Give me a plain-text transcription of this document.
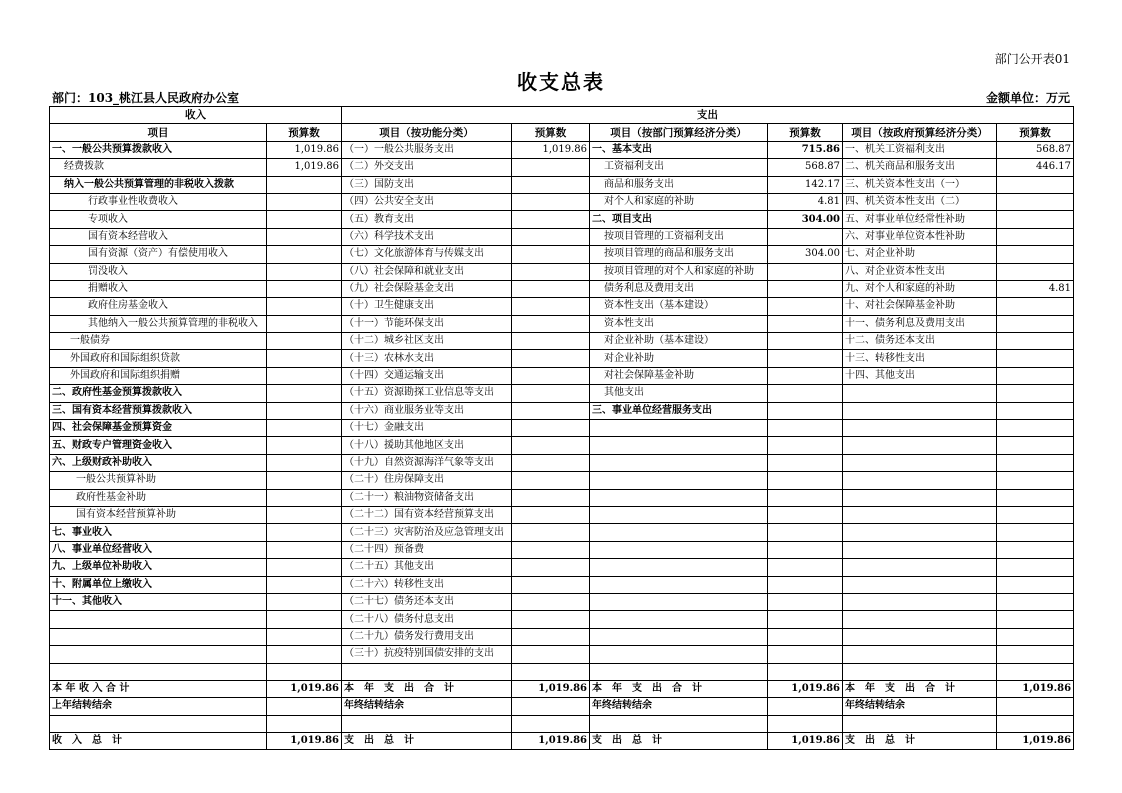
部门公开表01
收支总表
部门：103_桃江县人民政府办公室	金额单位：万元
收入		支出					
项目	预算数	项目（按功能分类）	预算数	项目（按部门预算经济分类）	预算数	项目（按政府预算经济分类）	预算数
一、一般公共预算拨款收入	1,019.86	（一）一般公共服务支出	1,019.86	一、基本支出	715.86	一、机关工资福利支出	568.87
经费拨款	1,019.86	（二）外交支出		工资福利支出	568.87	二、机关商品和服务支出	446.17
纳入一般公共预算管理的非税收入拨款		（三）国防支出		商品和服务支出	142.17	三、机关资本性支出（一）	
行政事业性收费收入		（四）公共安全支出		对个人和家庭的补助	4.81	四、机关资本性支出（二）	
专项收入		（五）教育支出		二、项目支出	304.00	五、对事业单位经常性补助	
国有资本经营收入		（六）科学技术支出		按项目管理的工资福利支出		六、对事业单位资本性补助	
国有资源（资产）有偿使用收入		（七）文化旅游体育与传媒支出		按项目管理的商品和服务支出	304.00	七、对企业补助	
罚没收入		（八）社会保障和就业支出		按项目管理的对个人和家庭的补助		八、对企业资本性支出	
捐赠收入		（九）社会保险基金支出		债务利息及费用支出		九、对个人和家庭的补助	4.81
政府住房基金收入		（十）卫生健康支出		资本性支出（基本建设）		十、对社会保障基金补助	
其他纳入一般公共预算管理的非税收入		（十一）节能环保支出		资本性支出		十一、债务利息及费用支出	
一般债券		（十二）城乡社区支出		对企业补助（基本建设）		十二、债务还本支出	
外国政府和国际组织贷款		（十三）农林水支出		对企业补助		十三、转移性支出	
外国政府和国际组织捐赠		（十四）交通运输支出		对社会保障基金补助		十四、其他支出	
二、政府性基金预算拨款收入		（十五）资源勘探工业信息等支出		其他支出			
三、国有资本经营预算拨款收入		（十六）商业服务业等支出		三、事业单位经营服务支出			
四、社会保障基金预算资金		（十七）金融支出					
五、财政专户管理资金收入		（十八）援助其他地区支出					
六、上级财政补助收入		（十九）自然资源海洋气象等支出					
一般公共预算补助		（二十）住房保障支出					
政府性基金补助		（二十一）粮油物资储备支出					
国有资本经营预算补助		（二十二）国有资本经营预算支出					
七、事业收入		（二十三）灾害防治及应急管理支出					
八、事业单位经营收入		（二十四）预备费					
九、上级单位补助收入		（二十五）其他支出					
十、附属单位上缴收入		（二十六）转移性支出					
十一、其他收入		（二十七）债务还本支出					
		（二十八）债务付息支出					
		（二十九）债务发行费用支出					
		（三十）抗疫特别国债安排的支出					

本 年 收 入 合 计	1,019.86	本　年　支　出　合　计	1,019.86	本　年　支　出　合　计	1,019.86	本　年　支　出　合　计	1,019.86
上年结转结余		年终结转结余		年终结转结余		年终结转结余	

收　入　总　计	1,019.86	支　出　总　计	1,019.86	支　出　总　计	1,019.86	支　出　总　计	1,019.86
